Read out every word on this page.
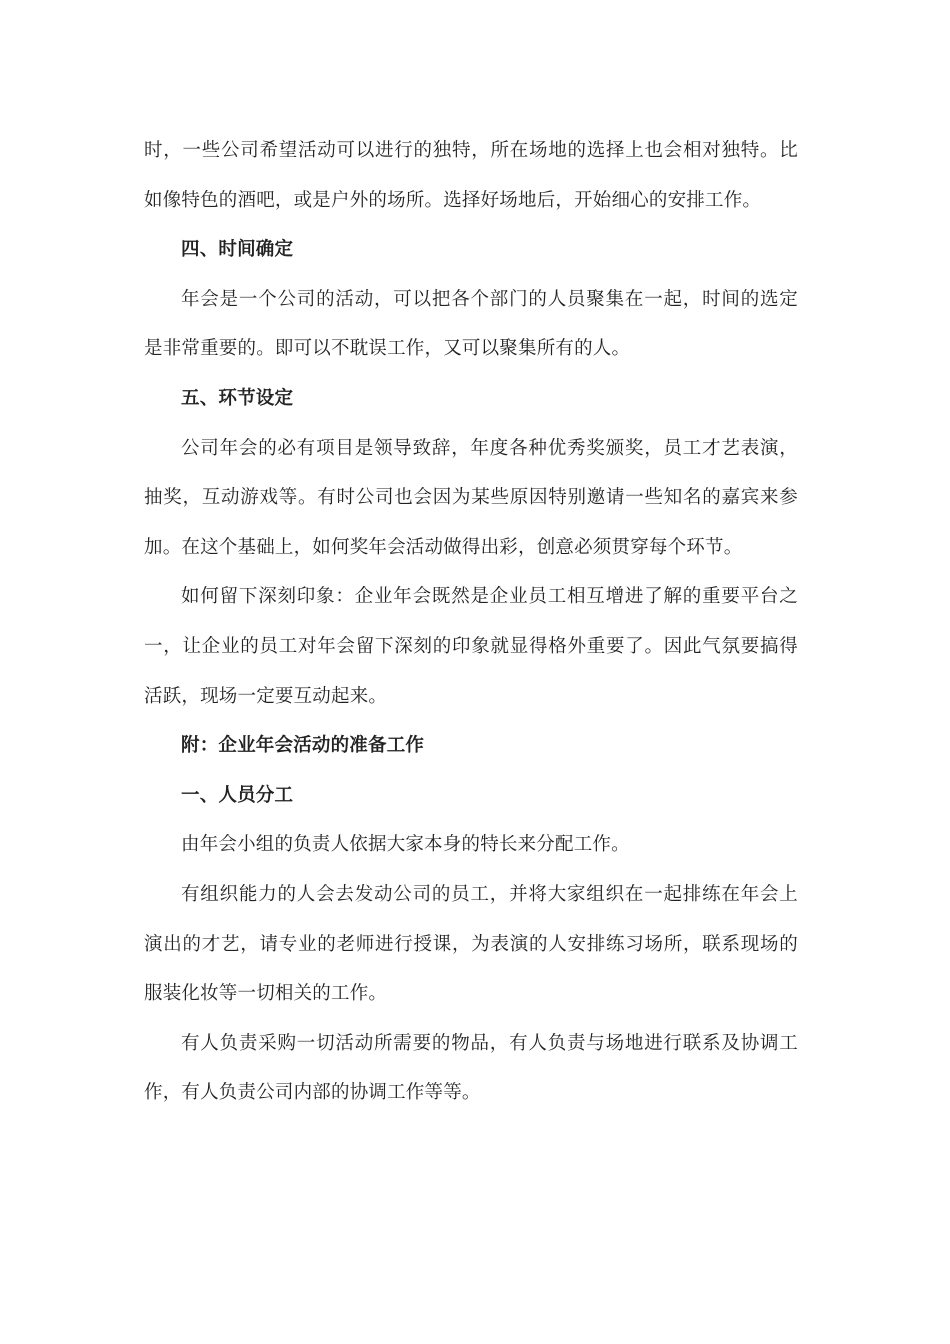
时，一些公司希望活动可以进行的独特，所在场地的选择上也会相对独特。比
如像特色的酒吧，或是户外的场所。选择好场地后，开始细心的安排工作。
四、时间确定
年会是一个公司的活动，可以把各个部门的人员聚集在一起，时间的选定
是非常重要的。即可以不耽误工作，又可以聚集所有的人。
五、环节设定
公司年会的必有项目是领导致辞，年度各种优秀奖颁奖，员工才艺表演，
抽奖，互动游戏等。有时公司也会因为某些原因特别邀请一些知名的嘉宾来参
加。在这个基础上，如何奖年会活动做得出彩，创意必须贯穿每个环节。
如何留下深刻印象：企业年会既然是企业员工相互增进了解的重要平台之
一，让企业的员工对年会留下深刻的印象就显得格外重要了。因此气氛要搞得
活跃，现场一定要互动起来。
附：企业年会活动的准备工作
一、人员分工
由年会小组的负责人依据大家本身的特长来分配工作。
有组织能力的人会去发动公司的员工，并将大家组织在一起排练在年会上
演出的才艺，请专业的老师进行授课，为表演的人安排练习场所，联系现场的
服装化妆等一切相关的工作。
有人负责采购一切活动所需要的物品，有人负责与场地进行联系及协调工
作，有人负责公司内部的协调工作等等。
